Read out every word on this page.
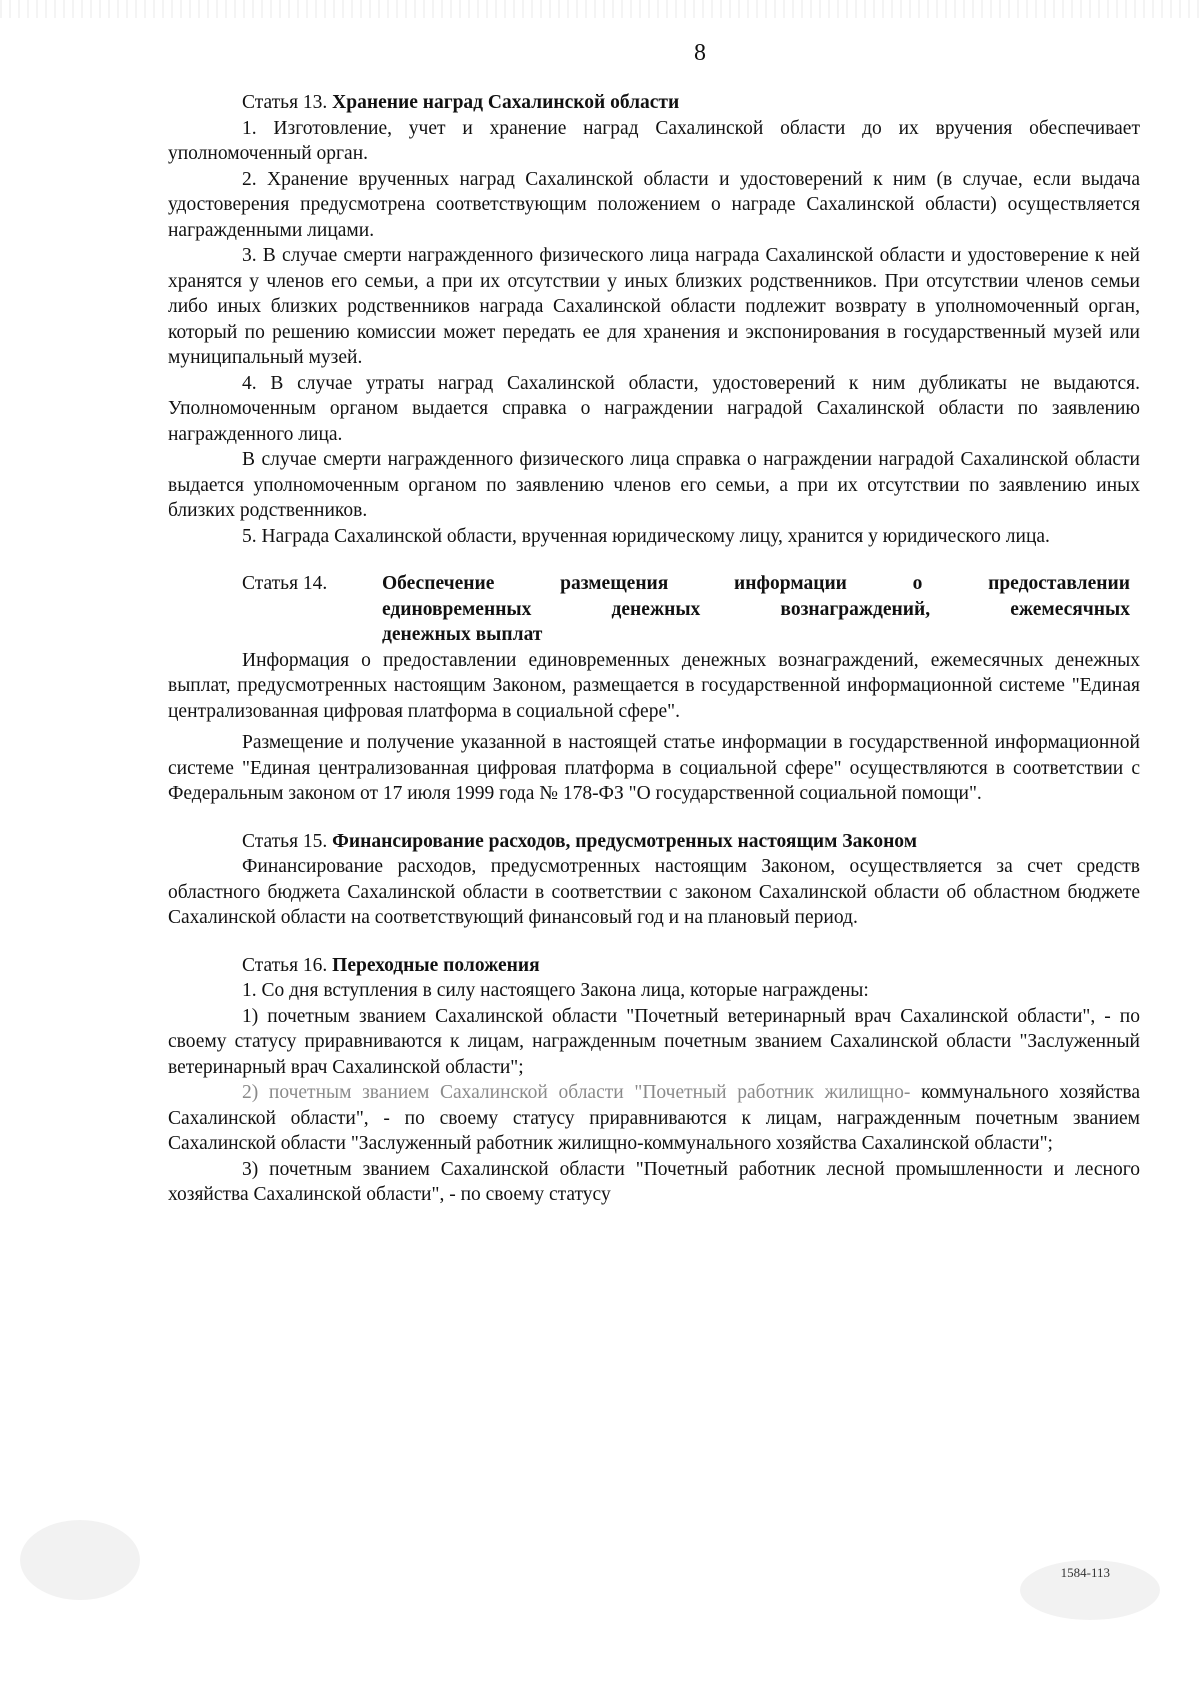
8
Статья 13. Хранение наград Сахалинской области

1. Изготовление, учет и хранение наград Сахалинской области до их вручения обеспечивает уполномоченный орган.

2. Хранение врученных наград Сахалинской области и удостоверений к ним (в случае, если выдача удостоверения предусмотрена соответствующим положением о награде Сахалинской области) осуществляется награжденными лицами.

3. В случае смерти награжденного физического лица награда Сахалинской области и удостоверение к ней хранятся у членов его семьи, а при их отсутствии у иных близких родственников. При отсутствии членов семьи либо иных близких родственников награда Сахалинской области подлежит возврату в уполномоченный орган, который по решению комиссии может передать ее для хранения и экспонирования в государственный музей или муниципальный музей.

4. В случае утраты наград Сахалинской области, удостоверений к ним дубликаты не выдаются. Уполномоченным органом выдается справка о награждении наградой Сахалинской области по заявлению награжденного лица.

В случае смерти награжденного физического лица справка о награждении наградой Сахалинской области выдается уполномоченным органом по заявлению членов его семьи, а при их отсутствии по заявлению иных близких родственников.

5. Награда Сахалинской области, врученная юридическому лицу, хранится у юридического лица.

Статья 14.	Обеспечение размещения информации о предоставлении
единовременных денежных вознаграждений, ежемесячных
денежных выплат

Информация о предоставлении единовременных денежных вознаграждений, ежемесячных денежных выплат, предусмотренных настоящим Законом, размещается в государственной информационной системе "Единая централизованная цифровая платформа в социальной сфере".

Размещение и получение указанной в настоящей статье информации в государственной информационной системе "Единая централизованная цифровая платформа в социальной сфере" осуществляются в соответствии с Федеральным законом от 17 июля 1999 года № 178-ФЗ "О государственной социальной помощи".

Статья 15. Финансирование расходов, предусмотренных настоящим Законом

Финансирование расходов, предусмотренных настоящим Законом, осуществляется за счет средств областного бюджета Сахалинской области в соответствии с законом Сахалинской области об областном бюджете Сахалинской области на соответствующий финансовый год и на плановый период.

Статья 16. Переходные положения

1. Со дня вступления в силу настоящего Закона лица, которые награждены:

1) почетным званием Сахалинской области "Почетный ветеринарный врач Сахалинской области", - по своему статусу приравниваются к лицам, награжденным почетным званием Сахалинской области "Заслуженный ветеринарный врач Сахалинской области";

2) почетным званием Сахалинской области "Почетный работник жилищно- коммунального хозяйства Сахалинской области", - по своему статусу приравниваются к лицам, награжденным почетным званием Сахалинской области "Заслуженный работник жилищно-коммунального хозяйства Сахалинской области";

3) почетным званием Сахалинской области "Почетный работник лесной промышленности и лесного хозяйства Сахалинской области", - по своему статусу

1584-113
